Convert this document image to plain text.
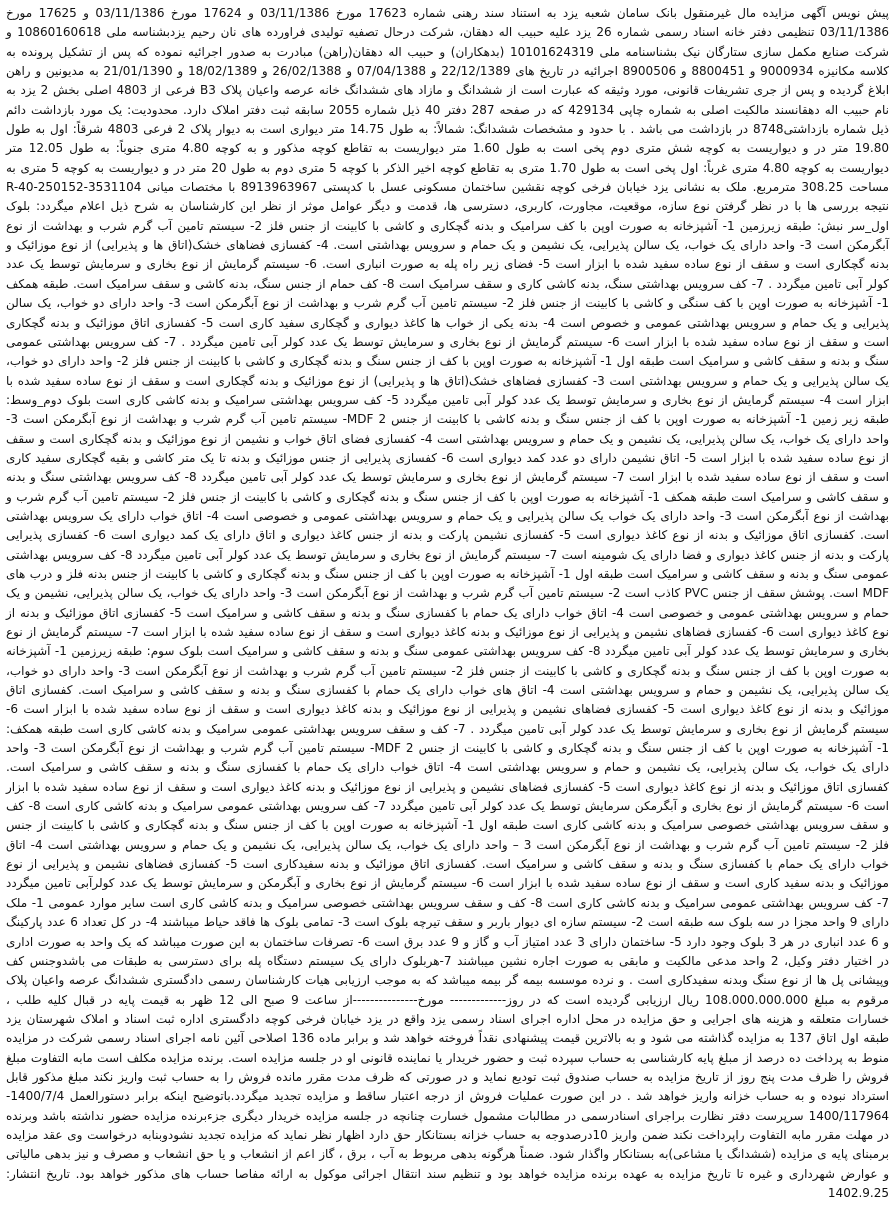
پیش نویس آگهی مزایده مال غیرمنقول بانک سامان شعبه یزد به استناد سند رهنی شماره 17623 مورخ 03/11/1386 و 17624 مورخ 03/11/1386 و 17625 مورخ 03/11/1386 تنظیمی دفتر خانه اسناد رسمی شماره 26 یزد علیه حبیب اله دهقان، شرکت درحال تصفیه تولیدی فراورده های نان رحیم یزدبشناسه ملی 10860160618 و شرکت صنایع مکمل سازی ستارگان نیک بشناسنامه ملی 10101624319 (بدهکاران) و حبیب اله دهقان(راهن) مبادرت به صدور اجرائیه نموده که پس از تشکیل پرونده به کلاسه مکانیزه 9000934 و 8800451 و 8900506 اجرائیه در تاریخ های 22/12/1389 و 07/04/1388 و 26/02/1388 و 18/02/1389 و 21/01/1390 به مدیونین و راهن ابلاغ گردیده و پس از جری تشریفات قانونی، مورد وثیقه که عبارت است از ششدانگ و مازاد های ششدانگ خانه عرصه واعیان پلاک B3 فرعی از 4803 اصلی بخش 2 یزد به نام حبیب اله دهقانسند مالکیت اصلی به شماره چاپی 429134 که در صفحه 287 دفتر 40 ذیل شماره 2055 سابقه ثبت دفتر املاک دارد. محدودیت: یک مورد بازداشت دائم ذیل شماره بازداشتی8748 در بازداشت می باشد . با حدود و مشخصات ششدانگ: شمالاً: به طول 14.75 متر دیواری است به دیوار پلاک 2 فرعی 4803 شرقاً: اول به طول 19.80 متر در و دیواریست به کوچه شش متری دوم پخی است به طول 1.60 متر دیواریست به تقاطع کوچه مذکور و به کوچه 4.80 متری جنوباً: به طول 12.05 متر دیواریست به کوچه 4.80 متری غرباً: اول پخی است به طول 1.70 متری به تقاطع کوچه اخیر الذکر با کوچه 5 متری دوم به طول 20 متر در و دیواریست به کوچه 5 متری به مساحت 308.25 مترمربع. ملک به نشانی یزد خیابان فرخی کوچه نقشین ساختمان مسکونی عسل با کدپستی 8913963967 با مختصات میانی 3531104-250152-R-40 نتیجه بررسی ها با در نظر گرفتن نوع سازه، موقعیت، مجاورت، کاربری، دسترسی ها، قدمت و دیگر عوامل موثر از نظر این کارشناسان به شرح ذیل اعلام میگردد: بلوک اول_سر نبش: طبقه زیرزمین 1- آشپزخانه به صورت اوپن با کف سرامیک و بدنه گچکاری و کاشی با کابینت از جنس فلز 2- سیستم تامین آب گرم شرب و بهداشت از نوع آبگرمکن است 3- واحد دارای یک خواب، یک سالن پذیرایی، یک نشیمن و یک حمام و سرویس بهداشتی است. 4- کفسازی فضاهای خشک(اتاق ها و پذیرایی) از نوع موزائیک و بدنه گچکاری است و سقف از نوع ساده سفید شده با ابزار است 5- فضای زیر راه پله به صورت انباری است. 6- سیستم گرمایش از نوع بخاری و سرمایش توسط یک عدد کولر آبی تامین میگردد . 7- کف سرویس بهداشتی سنگ، بدنه کاشی کاری و سقف سرامیک است 8- کف حمام از جنس سنگ، بدنه کاشی و سقف سرامیک است. طبقه همکف 1- آشپزخانه به صورت اوپن با کف سنگی و کاشی با کابینت از جنس فلز 2- سیستم تامین آب گرم شرب و بهداشت از نوع آبگرمکن است 3- واحد دارای دو خواب، یک سالن پذیرایی و یک حمام و سرویس بهداشتی عمومی و خصوص است 4- بدنه یکی از خواب ها کاغذ دیواری و گچکاری سفید کاری است 5- کفسازی اتاق موزائیک و بدنه گچکاری است و سقف از نوع ساده سفید شده با ابزار است 6- سیستم گرمایش از نوع بخاری و سرمایش توسط یک عدد کولر آبی تامین میگردد . 7- کف سرویس بهداشتی عمومی سنگ و بدنه و سقف کاشی و سرامیک است طبقه اول 1- آشپزخانه به صورت اوپن با کف از جنس سنگ و بدنه گچکاری و کاشی با کابینت از جنس فلز 2- واحد دارای دو خواب، یک سالن پذیرایی و یک حمام و سرویس بهداشتی است 3- کفسازی فضاهای خشک(اتاق ها و پذیرایی) از نوع موزائیک و بدنه گچکاری است و سقف از نوع ساده سفید شده با ابزار است 4- سیستم گرمایش از نوع بخاری و سرمایش توسط یک عدد کولر آبی تامین میگردد 5- کف سرویس بهداشتی سرامیک و بدنه کاشی کاری است بلوک دوم_وسط: طبقه زیر زمین 1- آشپزخانه به صورت اوپن با کف از جنس سنگ و بدنه کاشی با کابینت از جنس MDF 2- سیستم تامین آب گرم شرب و بهداشت از نوع آبگرمکن است 3- واحد دارای یک خواب، یک سالن پذیرایی، یک نشیمن و یک حمام و سرویس بهداشتی است 4- کفسازی فضای اتاق خواب و نشیمن از نوع موزائیک و بدنه گچکاری است و سقف از نوع ساده سفید شده با ابزار است 5- اتاق نشیمن دارای دو عدد کمد دیواری است 6- کفسازی پذیرایی از جنس موزائیک و بدنه تا یک متر کاشی و بقیه گچکاری سفید کاری است و سقف از نوع ساده سفید شده با ابزار است 7- سیستم گرمایش از نوع بخاری و سرمایش توسط یک عدد کولر آبی تامین میگردد 8- کف سرویس بهداشتی سنگ و بدنه و سقف کاشی و سرامیک است طبقه همکف 1- آشپزخانه به صورت اوپن با کف از جنس سنگ و بدنه گچکاری و کاشی با کابینت از جنس فلز 2- سیستم تامین آب گرم شرب و بهداشت از نوع آبگرمکن است 3- واحد دارای یک خواب یک سالن پذیرایی و یک حمام و سرویس بهداشتی عمومی و خصوصی است 4- اتاق خواب دارای یک سرویس بهداشتی است. کفسازی اتاق موزائیک و بدنه از نوع کاغذ دیواری است 5- کفسازی نشیمن پارکت و بدنه از جنس کاغذ دیواری و اتاق دارای یک کمد دیواری است 6- کفسازی پذیرایی پارکت و بدنه از جنس کاغذ دیواری و فضا دارای یک شومینه است 7- سیستم گرمایش از نوع بخاری و سرمایش توسط یک عدد کولر آبی تامین میگردد 8- کف سرویس بهداشتی عمومی سنگ و بدنه و سقف کاشی و سرامیک است طبقه اول 1- آشپزخانه به صورت اوپن با کف از جنس سنگ و بدنه گچکاری و کاشی با کابینت از جنس بدنه فلز و درب های MDF است. پوشش سقف از جنس PVC کاذب است 2- سیستم تامین آب گرم شرب و بهداشت از نوع آبگرمکن است 3- واحد دارای یک خواب، یک سالن پذیرایی، نشیمن و یک حمام و سرویس بهداشتی عمومی و خصوصی است 4- اتاق خواب دارای یک حمام با کفسازی سنگ و بدنه و سقف کاشی و سرامیک است 5- کفسازی اتاق موزائیک و بدنه از نوع کاغذ دیواری است 6- کفسازی فضاهای نشیمن و پذیرایی از نوع موزائیک و بدنه کاغذ دیواری است و سقف از نوع ساده سفید شده با ابزار است 7- سیستم گرمایش از نوع بخاری و سرمایش توسط یک عدد کولر آبی تامین میگردد 8- کف سرویس بهداشتی عمومی سنگ و بدنه و سقف کاشی و سرامیک است بلوک سوم: طبقه زیرزمین 1- آشپزخانه به صورت اوپن با کف از جنس سنگ و بدنه گچکاری و کاشی با کابینت از جنس فلز 2- سیستم تامین آب گرم شرب و بهداشت از نوع آبگرمکن است 3- واحد دارای دو خواب، یک سالن پذیرایی، یک نشیمن و حمام و سرویس بهداشتی است 4- اتاق های خواب دارای یک حمام با کفسازی سنگ و بدنه و سقف کاشی و سرامیک است. کفسازی اتاق موزائیک و بدنه از نوع کاغذ دیواری است 5- کفسازی فضاهای نشیمن و پذیرایی از نوع موزائیک و بدنه کاغذ دیواری است و سقف از نوع ساده سفید شده با ابزار است 6- سیستم گرمایش از نوع بخاری و سرمایش توسط یک عدد کولر آبی تامین میگردد . 7- کف و سقف سرویس بهداشتی عمومی سرامیک و بدنه کاشی کاری است طبقه همکف: 1- آشپزخانه به صورت اوپن با کف از جنس سنگ و بدنه گچکاری و کاشی با کابینت از جنس MDF 2- سیستم تامین آب گرم شرب و بهداشت از نوع آبگرمکن است 3- واحد دارای یک خواب، یک سالن پذیرایی، یک نشیمن و حمام و سرویس بهداشتی است 4- اتاق خواب دارای یک حمام با کفسازی سنگ و بدنه و سقف کاشی و سرامیک است. کفسازی اتاق موزائیک و بدنه از نوع کاغذ دیواری است 5- کفسازی فضاهای نشیمن و پذیرایی از نوع موزائیک و بدنه کاغذ دیواری است و سقف از نوع ساده سفید شده با ابزار است 6- سیستم گرمایش از نوع بخاری و آبگرمکن سرمایش توسط یک عدد کولر آبی تامین میگردد 7- کف سرویس بهداشتی عمومی سرامیک و بدنه کاشی کاری است 8- کف و سقف سرویس بهداشتی خصوصی سرامیک و بدنه کاشی کاری است طبقه اول 1- آشپزخانه به صورت اوپن با کف از جنس سنگ و بدنه گچکاری و کاشی با کابینت از جنس فلز 2- سیستم تامین آب گرم شرب و بهداشت از نوع آبگرمکن است 3 – واحد دارای یک خواب، یک سالن پذیرایی، یک نشیمن و یک حمام و سرویس بهداشتی است 4- اتاق خواب دارای یک حمام با کفسازی سنگ و بدنه و سقف کاشی و سرامیک است. کفسازی اتاق موزائیک و بدنه سفیدکاری است 5- کفسازی فضاهای نشیمن و پذیرایی از نوع موزائیک و بدنه سفید کاری است و سقف از نوع ساده سفید شده با ابزار است 6- سیستم گرمایش از نوع بخاری و آبگرمکن و سرمایش توسط یک عدد کولرآبی تامین میگردد 7- کف سرویس بهداشتی عمومی سرامیک و بدنه کاشی کاری است 8- کف و سقف سرویس بهداشتی خصوصی سرامیک و بدنه کاشی کاری است سایر موارد عمومی 1- ملک دارای 9 واحد مجزا در سه بلوک سه طبقه است 2- سیستم سازه ای دیوار باربر و سقف تیرچه بلوک است 3- تمامی بلوک ها فاقد حیاط میباشند 4- در کل تعداد 6 عدد پارکینگ و 6 عدد انباری در هر 3 بلوک وجود دارد 5- ساختمان دارای 3 عدد امتیاز آب و گاز و 9 عدد برق است 6- تصرفات ساختمان به این صورت میباشد که یک واحد به صورت اداری در اختیار دفتر وکیل، 2 واحد مدعی مالکیت و مابقی به صورت اجاره نشین میباشند 7-هربلوک دارای یک سیستم دستگاه پله برای دسترسی به طبقات می باشدوجنس کف وپیشانی پل ها از نوع سنگ وبدنه سفیدکاری است . و نرده موسسه بیمه گر بیمه میباشد که به موجب ارزیابی هیات کارشناسان رسمی دادگستری ششدانگ عرصه واعیان پلاک مرقوم به مبلغ 108.000.000.000 ریال ارزیابی گردیده است که در روز------------- مورخ---------------از ساعت 9 صبح الی 12 ظهر به قیمت پایه در قبال کلیه طلب ، خسارات متعلقه و هزینه های اجرایی و حق مزایده در محل اداره اجرای اسناد رسمی یزد واقع در یزد خیابان فرخی کوچه دادگستری اداره ثبت اسناد و املاک شهرستان یزد طبقه اول اتاق 137 به مزایده گذاشته می شود و به بالاترین قیمت پیشنهادی نقداً فروخته خواهد شد و برابر ماده 136 اصلاحی آئین نامه اجرای اسناد رسمی شرکت در مزایده منوط به پرداخت ده درصد از مبلغ پایه کارشناسی به حساب سپرده ثبت و حضور خریدار یا نماینده قانونی او در جلسه مزایده است. برنده مزایده مکلف است مابه التفاوت مبلغ فروش را ظرف مدت پنج روز از تاریخ مزایده به حساب صندوق ثبت تودیع نماید و در صورتی که ظرف مدت مقرر مانده فروش را به حساب ثبت واریز نکند مبلغ مذکور قابل استرداد نبوده و به حساب خزانه واریز خواهد شد . در این صورت عملیات فروش از درجه اعتبار ساقط و مزایده تجدید میگردد.باتوضیح اینکه برابر دستورالعمل 1400/7/4-1400/117964 سرپرست دفتر نظارت براجرای اسنادرسمی در مطالبات مشمول خسارت چنانچه در جلسه مزایده خریدار دیگری جزءبرنده مزایده حضور نداشته باشد وبرنده در مهلت مقرر مابه التفاوت راپرداخت نکند ضمن واریز 10درصدوجه به حساب خزانه بستانکار حق دارد اظهار نظر نماید که مزایده تجدید نشودوبنابه درخواست وی عقد مزایده برمبنای پایه ی مزایده (ششدانگ یا مشاعی)به بستانکار واگذار شود. ضمناً هرگونه بدهی مربوط به آب ، برق ، گاز اعم از انشعاب و یا حق انشعاب و مصرف و نیز بدهی مالیاتی و عوارض شهرداری و غیره تا تاریخ مزایده به عهده برنده مزایده خواهد بود و تنظیم سند انتقال اجرائی موکول به ارائه مفاصا حساب های مذکور خواهد بود. تاریخ انتشار: 1402.9.25
